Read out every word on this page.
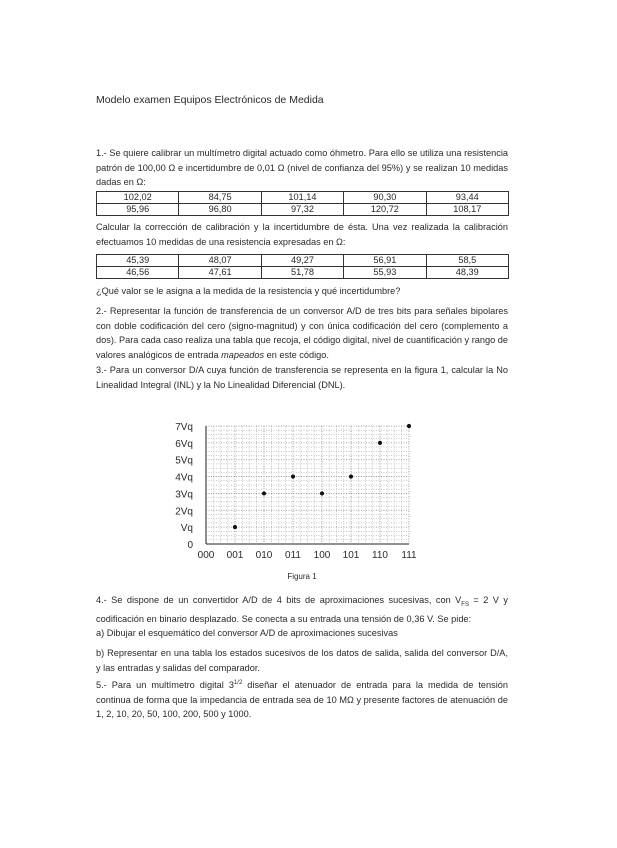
Modelo examen Equipos Electrónicos de Medida
1.- Se quiere calibrar un multímetro digital actuado como óhmetro. Para ello se utiliza una resistencia patrón de 100,00 Ω e incertidumbre de 0,01 Ω (nivel de confianza del 95%) y se realizan 10 medidas dadas en Ω:
102,02	84,75	101,14	90,30	93,44
95,96	96,80	97,32	120,72	108,17
Calcular la corrección de calibración y la incertidumbre de ésta. Una vez realizada la calibración efectuamos 10 medidas de una resistencia expresadas en Ω:
45,39	48,07	49,27	56,91	58,5
46,56	47,61	51,78	55,93	48,39
¿Qué valor se le asigna a la medida de la resistencia y qué incertidumbre?
2.- Representar la función de transferencia de un conversor A/D de tres bits para señales bipolares con doble codificación del cero (signo-magnitud) y con única codificación del cero (complemento a dos). Para cada caso realiza una tabla que recoja, el código digital, nivel de cuantificación y rango de valores analógicos de entrada mapeados en este código.
3.- Para un conversor D/A cuya función de transferencia se representa en la figura 1, calcular la No Linealidad Integral (INL) y la No Linealidad Diferencial (DNL).
000 001 010 011 100 101 110 111
0
Vq
2Vq
3Vq
4Vq
5Vq
6Vq
7Vq
Figura 1
4.- Se dispone de un convertidor A/D de 4 bits de aproximaciones sucesivas, con $V_{FS} = 2$ V y codificación en binario desplazado. Se conecta a su entrada una tensión de 0,36 V. Se pide:
a) Dibujar el esquemático del conversor A/D de aproximaciones sucesivas
b) Representar en una tabla los estados sucesivos de los datos de salida, salida del conversor D/A, y las entradas y salidas del comparador.
5.- Para un multímetro digital $3^{1/2}$ diseñar el atenuador de entrada para la medida de tensión continua de forma que la impedancia de entrada sea de 10 MΩ y presente factores de atenuación de 1, 2, 10, 20, 50, 100, 200, 500 y 1000.
